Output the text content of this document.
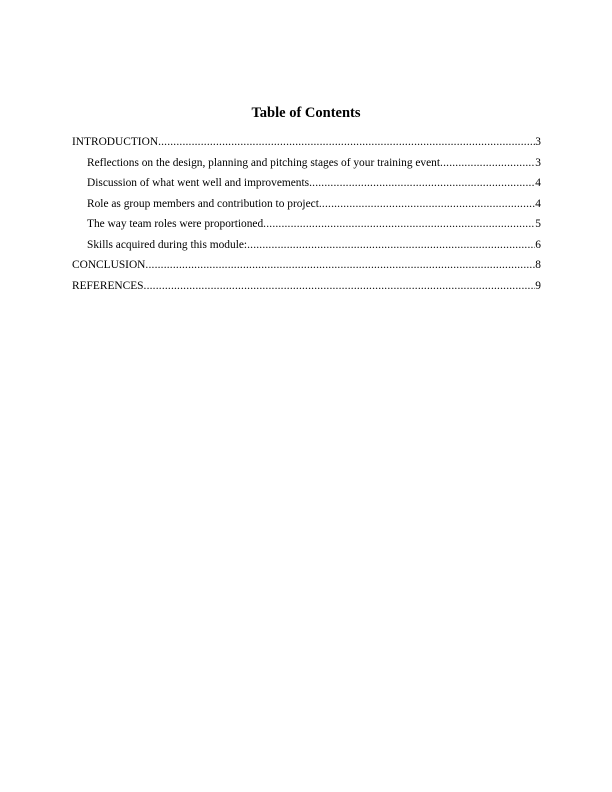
Table of Contents
INTRODUCTION .....	3
Reflections on the design, planning and pitching stages of your training event .....	3
Discussion of what went well and improvements .....	4
Role as group members and contribution to project .....	4
The way team roles were proportioned .....	5
Skills acquired during this module: .....	6
CONCLUSION .....	8
REFERENCES .....	9
